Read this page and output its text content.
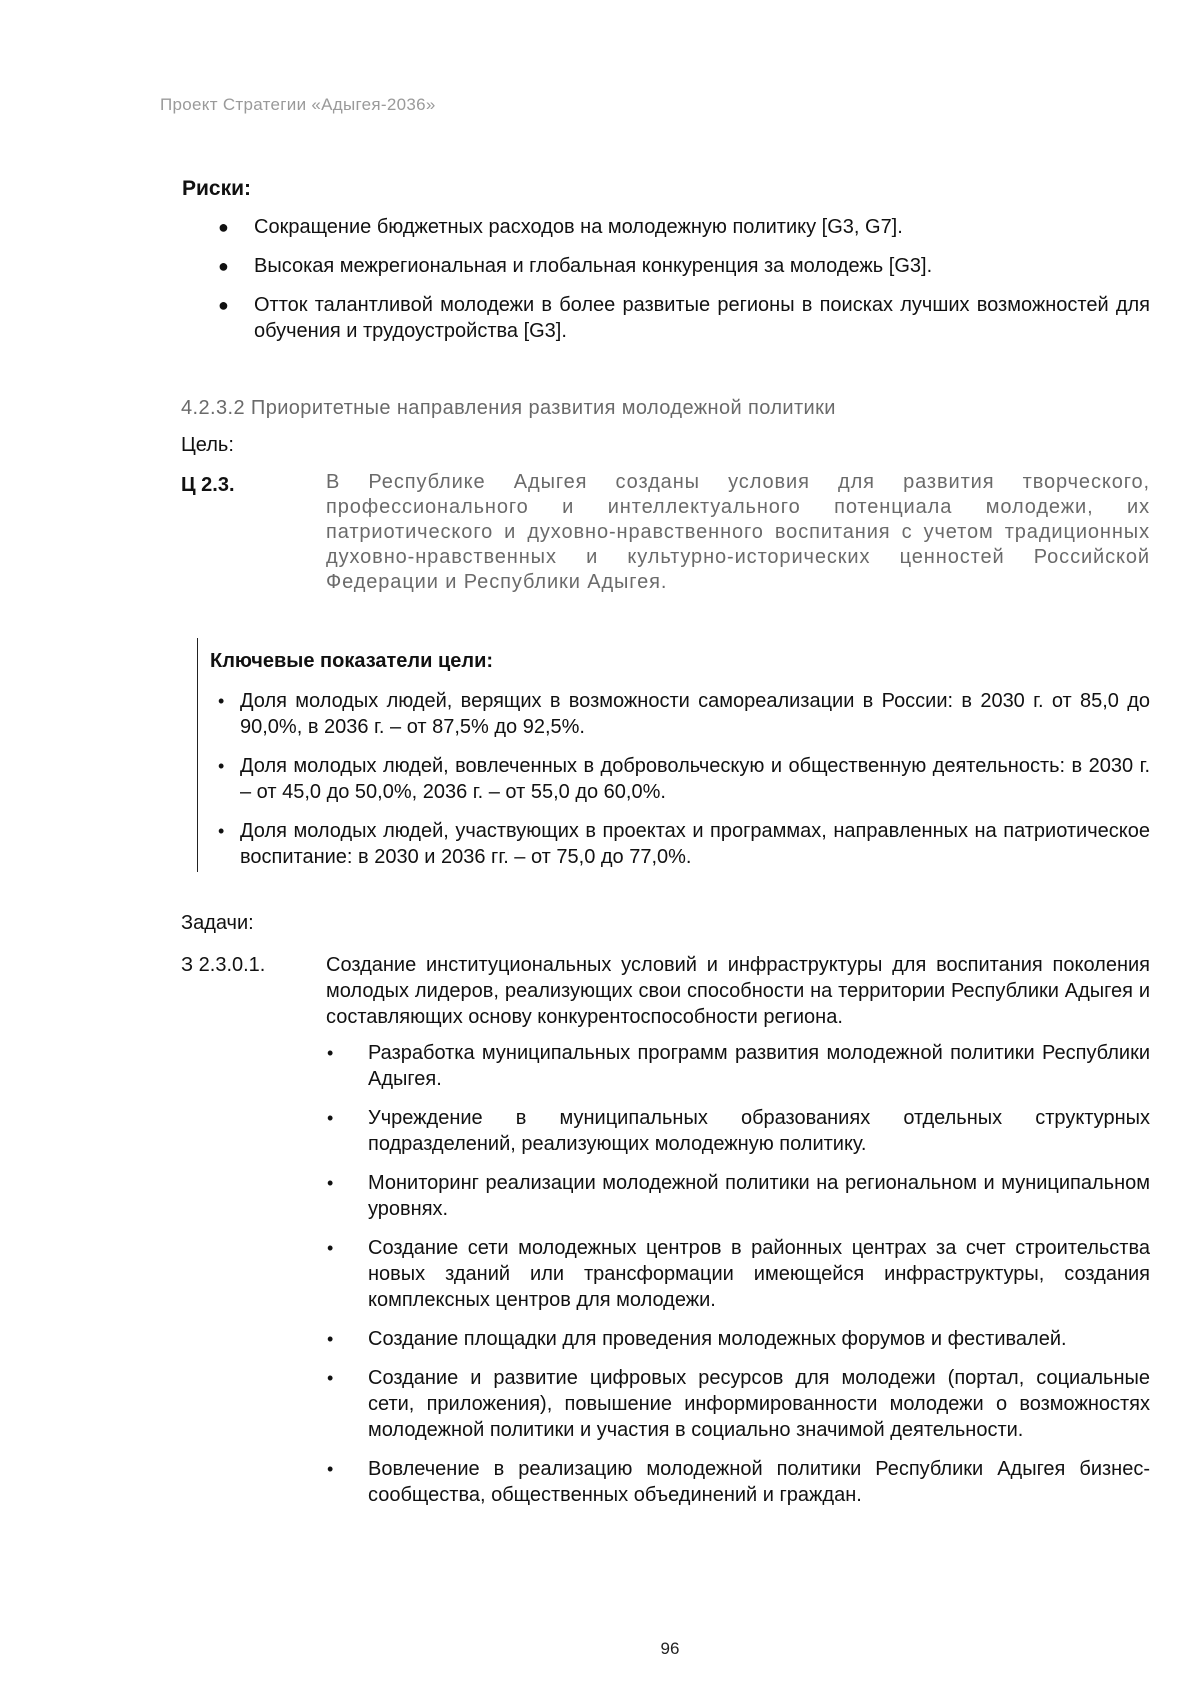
Проект Стратегии «Адыгея-2036»
Риски:
● Сокращение бюджетных расходов на молодежную политику [G3, G7].
● Высокая межрегиональная и глобальная конкуренция за молодежь [G3].
● Отток талантливой молодежи в более развитые регионы в поисках лучших возможностей для обучения и трудоустройства [G3].
4.2.3.2 Приоритетные направления развития молодежной политики
Цель:
Ц 2.3.	В Республике Адыгея созданы условия для развития творческого, профессионального и интеллектуального потенциала молодежи, их патриотического и духовно-нравственного воспитания с учетом традиционных духовно-нравственных и культурно-исторических ценностей Российской Федерации и Республики Адыгея.
Ключевые показатели цели:
• Доля молодых людей, верящих в возможности самореализации в России: в 2030 г. от 85,0 до 90,0%, в 2036 г. – от 87,5% до 92,5%.
• Доля молодых людей, вовлеченных в добровольческую и общественную деятельность: в 2030 г. – от 45,0 до 50,0%, 2036 г. – от 55,0 до 60,0%.
• Доля молодых людей, участвующих в проектах и программах, направленных на патриотическое воспитание: в 2030 и 2036 гг. – от 75,0 до 77,0%.
Задачи:
З 2.3.0.1.	Создание институциональных условий и инфраструктуры для воспитания поколения молодых лидеров, реализующих свои способности на территории Республики Адыгея и составляющих основу конкурентоспособности региона.
• Разработка муниципальных программ развития молодежной политики Республики Адыгея.
• Учреждение в муниципальных образованиях отдельных структурных подразделений, реализующих молодежную политику.
• Мониторинг реализации молодежной политики на региональном и муниципальном уровнях.
• Создание сети молодежных центров в районных центрах за счет строительства новых зданий или трансформации имеющейся инфраструктуры, создания комплексных центров для молодежи.
• Создание площадки для проведения молодежных форумов и фестивалей.
• Создание и развитие цифровых ресурсов для молодежи (портал, социальные сети, приложения), повышение информированности молодежи о возможностях молодежной политики и участия в социально значимой деятельности.
• Вовлечение в реализацию молодежной политики Республики Адыгея бизнес-сообщества, общественных объединений и граждан.
96
